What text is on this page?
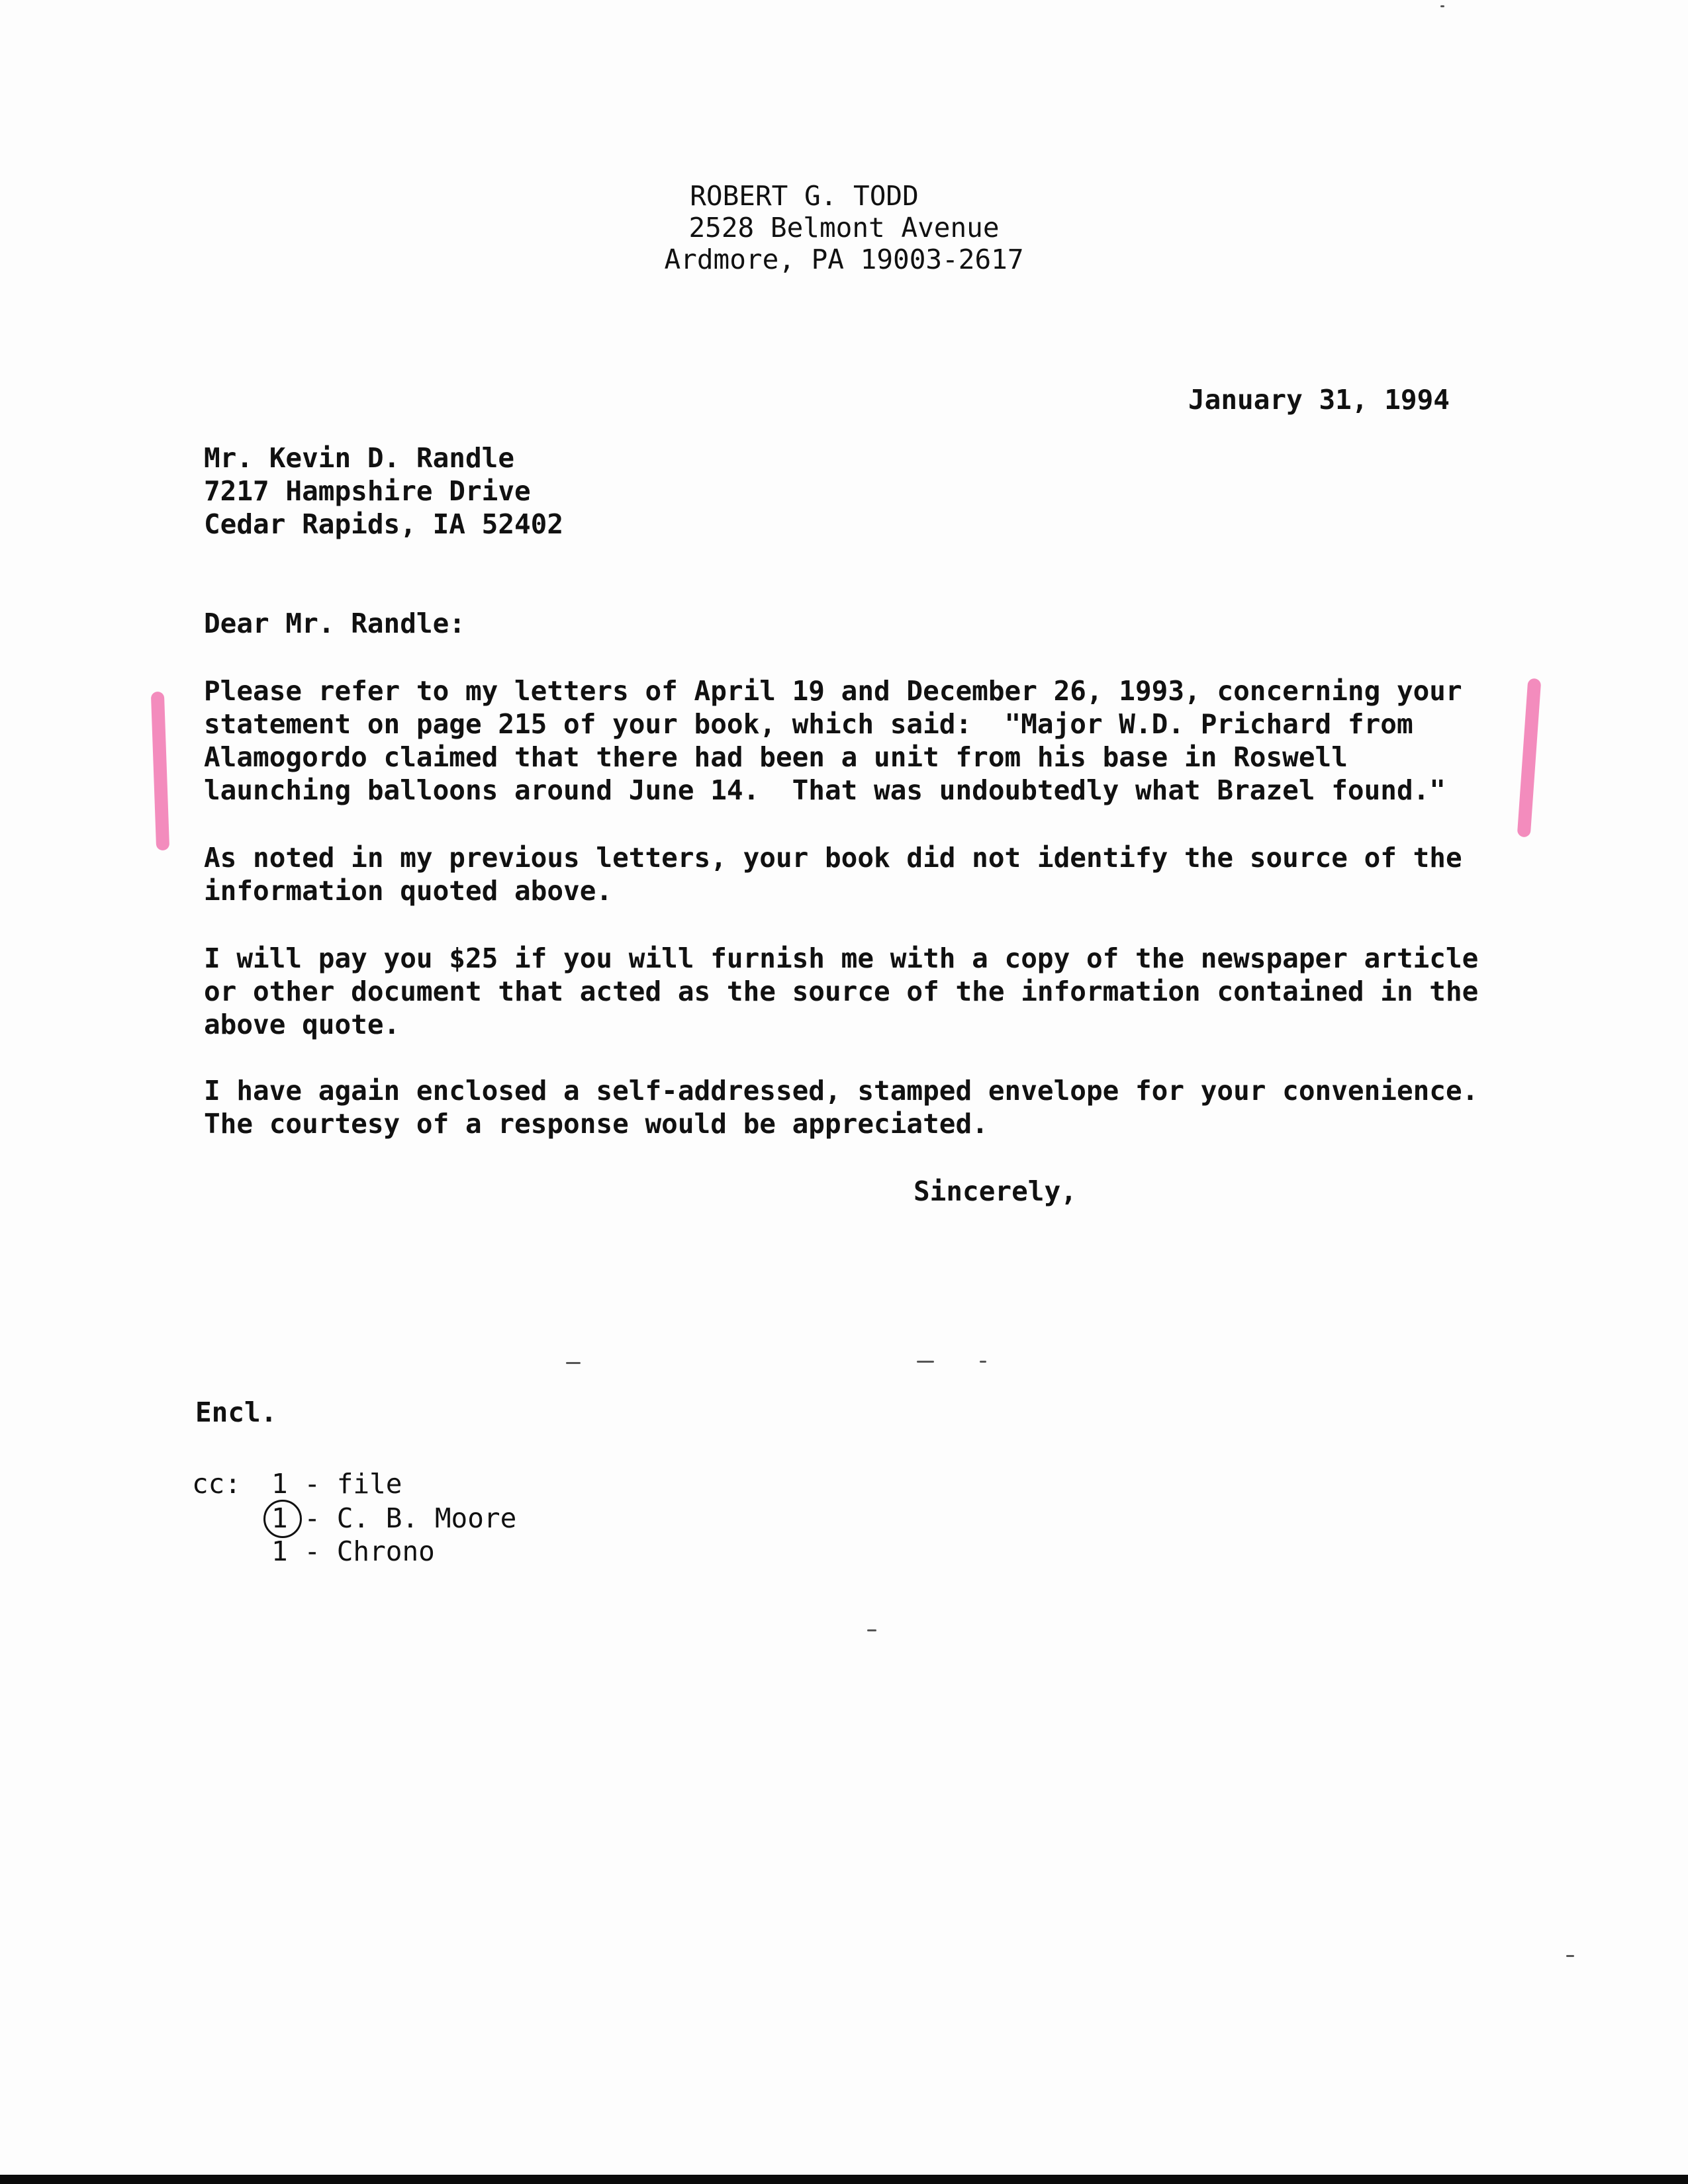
ROBERT G. TODD
2528 Belmont Avenue
Ardmore, PA 19003-2617
January 31, 1994
Mr. Kevin D. Randle
7217 Hampshire Drive
Cedar Rapids, IA 52402
Dear Mr. Randle:
Please refer to my letters of April 19 and December 26, 1993, concerning your
statement on page 215 of your book, which said:  "Major W.D. Prichard from
Alamogordo claimed that there had been a unit from his base in Roswell
launching balloons around June 14.  That was undoubtedly what Brazel found."
As noted in my previous letters, your book did not identify the source of the
information quoted above.
I will pay you $25 if you will furnish me with a copy of the newspaper article
or other document that acted as the source of the information contained in the
above quote.
I have again enclosed a self-addressed, stamped envelope for your convenience.
The courtesy of a response would be appreciated.
Sincerely,
Encl.
cc: 1 - file
1 - C. B. Moore
1 - Chrono
